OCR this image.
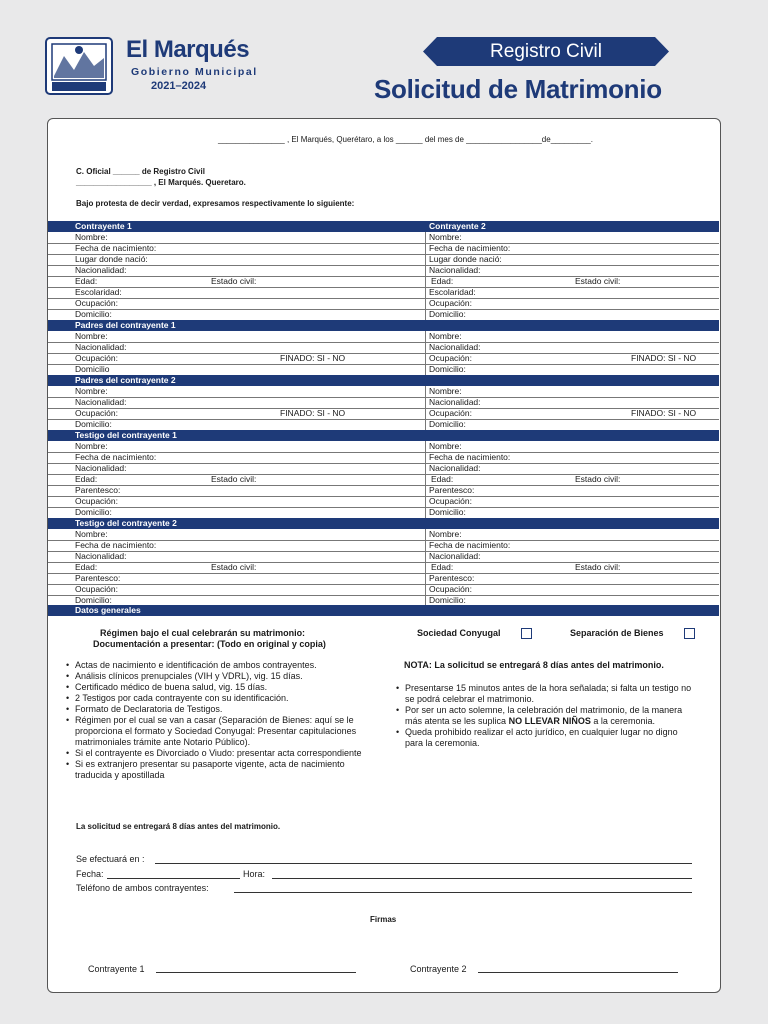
El Marqués
Gobierno Municipal
2021–2024
Registro Civil
Solicitud de Matrimonio
_______________ , El Marqués, Querétaro, a los ______ del mes de _________________de_________.
C. Oficial ______ de Registro Civil
_________________ , El Marqués. Queretaro.
Bajo protesta de decir verdad, expresamos respectivamente lo siguiente:
Contrayente 1	Contrayente 2
Nombre:	Nombre:
Fecha de nacimiento:	Fecha de nacimiento:
Lugar donde nació:	Lugar donde nació:
Nacionalidad:	Nacionalidad:
Edad:	Estado civil:	Edad:	Estado civil:
Escolaridad:	Escolaridad:
Ocupación:	Ocupación:
Domicilio:	Domicilio:
Padres del contrayente 1
Nombre:	Nombre:
Nacionalidad:	Nacionalidad:
Ocupación:	FINADO: SI - NO	Ocupación:	FINADO: SI - NO
Domicilio	Domicilio:
Padres del contrayente 2
Nombre:	Nombre:
Nacionalidad:	Nacionalidad:
Ocupación:	FINADO: SI - NO	Ocupación:	FINADO: SI - NO
Domicilio:	Domicilio:
Testigo del contrayente 1
Nombre:	Nombre:
Fecha de nacimiento:	Fecha de nacimiento:
Nacionalidad:	Nacionalidad:
Edad:	Estado civil:	Edad:	Estado civil:
Parentesco:	Parentesco:
Ocupación:	Ocupación:
Domicilio:	Domicilio:
Testigo del contrayente 2
Nombre:	Nombre:
Fecha de nacimiento:	Fecha de nacimiento:
Nacionalidad:	Nacionalidad:
Edad:	Estado civil:	Edad:	Estado civil:
Parentesco:	Parentesco:
Ocupación:	Ocupación:
Domicilio:	Domicilio:
Datos generales
Régimen bajo el cual celebrarán su matrimonio:
Documentación a presentar: (Todo en original y copia)
Sociedad Conyugal	Separación de Bienes
• Actas de nacimiento e identificación de ambos contrayentes.
• Análisis clínicos prenupciales (VIH y VDRL), vig. 15 días.
• Certificado médico de buena salud, vig. 15 días.
• 2 Testigos por cada contrayente con su identificación.
• Formato de Declaratoria de Testigos.
• Régimen por el cual se van a casar (Separación de Bienes: aquí se le proporciona el formato y Sociedad Conyugal: Presentar capitulaciones matrimoniales trámite ante Notario Público).
• Si el contrayente es Divorciado o Viudo: presentar acta correspondiente
• Si es extranjero presentar su pasaporte vigente, acta de nacimiento traducida y apostillada
NOTA: La solicitud se entregará 8 días antes del matrimonio.
• Presentarse 15 minutos antes de la hora señalada; si falta un testigo no se podrá celebrar el matrimonio.
• Por ser un acto solemne, la celebración del matrimonio, de la manera más atenta se les suplica NO LLEVAR NIÑOS a la ceremonia.
• Queda prohibido realizar el acto jurídico, en cualquier lugar no digno para la ceremonia.
La solicitud se entregará 8 días antes del matrimonio.
Se efectuará en :
Fecha:	Hora:
Teléfono de ambos contrayentes:
Firmas
Contrayente 1	Contrayente 2
